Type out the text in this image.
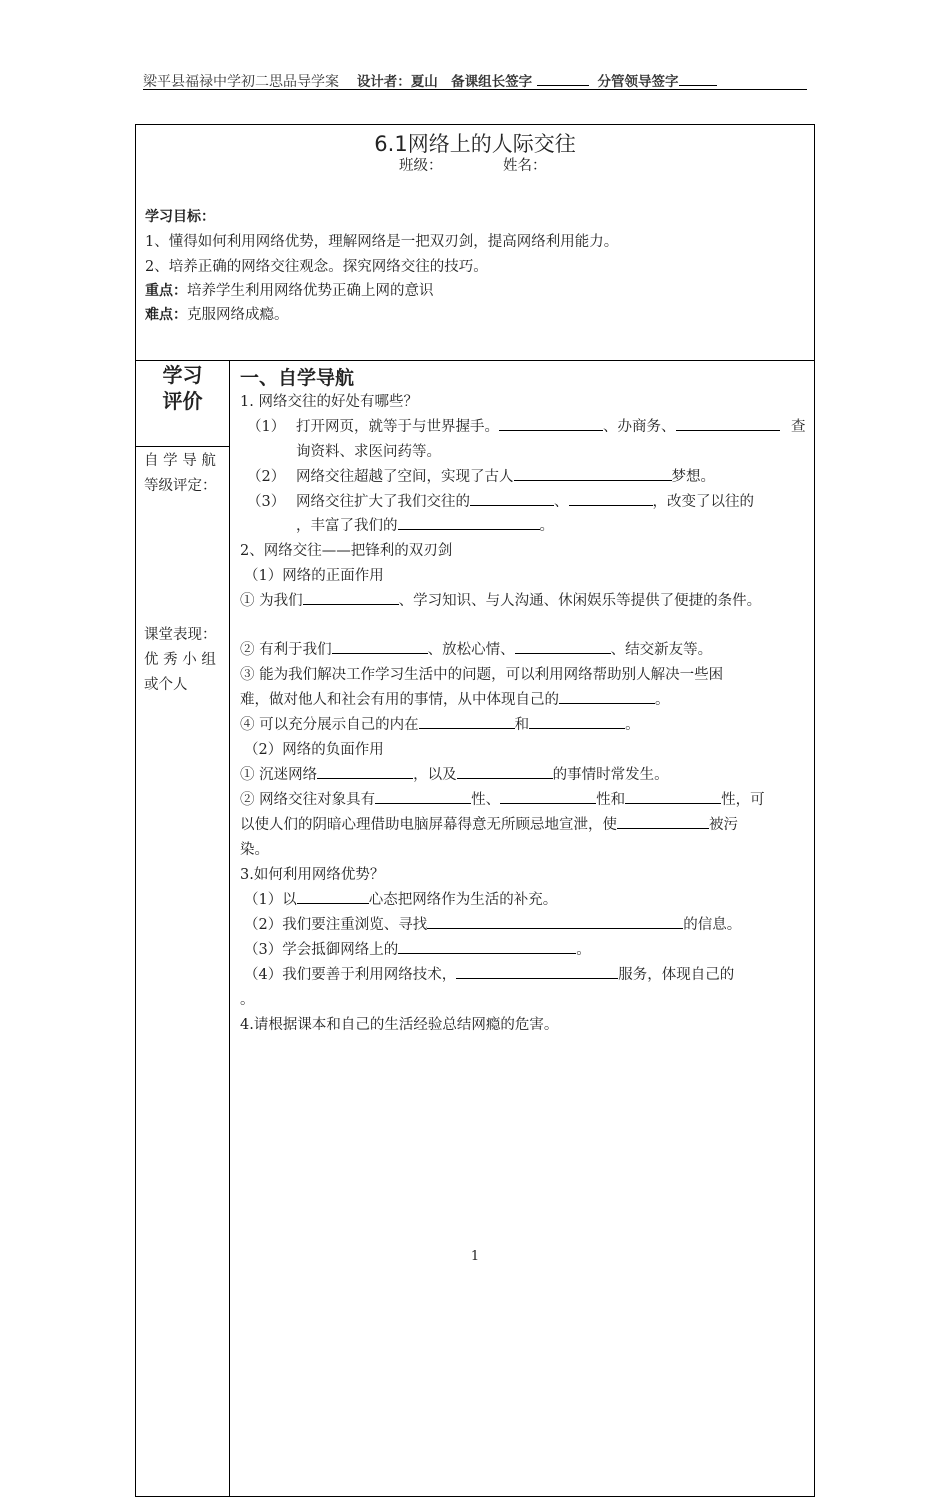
梁平县福禄中学初二思品导学案 设计者：夏山 备课组长签字	分管领导签字
6.1网络上的人际交往
班级：	姓名：
学习目标：
1、懂得如何利用网络优势，理解网络是一把双刃剑，提高网络利用能力。
2、培养正确的网络交往观念。探究网络交往的技巧。
重点：培养学生利用网络优势正确上网的意识
难点：克服网络成瘾。
学习
评价
自 学 导 航
等级评定：
课堂表现：
优 秀 小 组
或个人
一、自学导航
1. 网络交往的好处有哪些？
（1） 打开网页，就等于与世界握手。	、办商务、	查
询资料、求医问药等。
（2） 网络交往超越了空间，实现了古人	梦想。
（3） 网络交往扩大了我们交往的	、	，改变了以往的
，丰富了我们的	。
2、网络交往——把锋利的双刃剑
（1）网络的正面作用
① 为我们	、学习知识、与人沟通、休闲娱乐等提供了便捷的条件。
② 有利于我们	、放松心情、	、结交新友等。
③ 能为我们解决工作学习生活中的问题，可以利用网络帮助别人解决一些困
难，做对他人和社会有用的事情，从中体现自己的	。
④ 可以充分展示自己的内在	和	。
（2）网络的负面作用
① 沉迷网络	，以及	的事情时常发生。
② 网络交往对象具有	性、	性和	性，可
以使人们的阴暗心理借助电脑屏幕得意无所顾忌地宣泄，使	被污
染。
3.如何利用网络优势？
（1）以	心态把网络作为生活的补充。
（2）我们要注重浏览、寻找	的信息。
（3）学会抵御网络上的	。
（4）我们要善于利用网络技术，	服务，体现自己的
。
4.请根据课本和自己的生活经验总结网瘾的危害。
1
